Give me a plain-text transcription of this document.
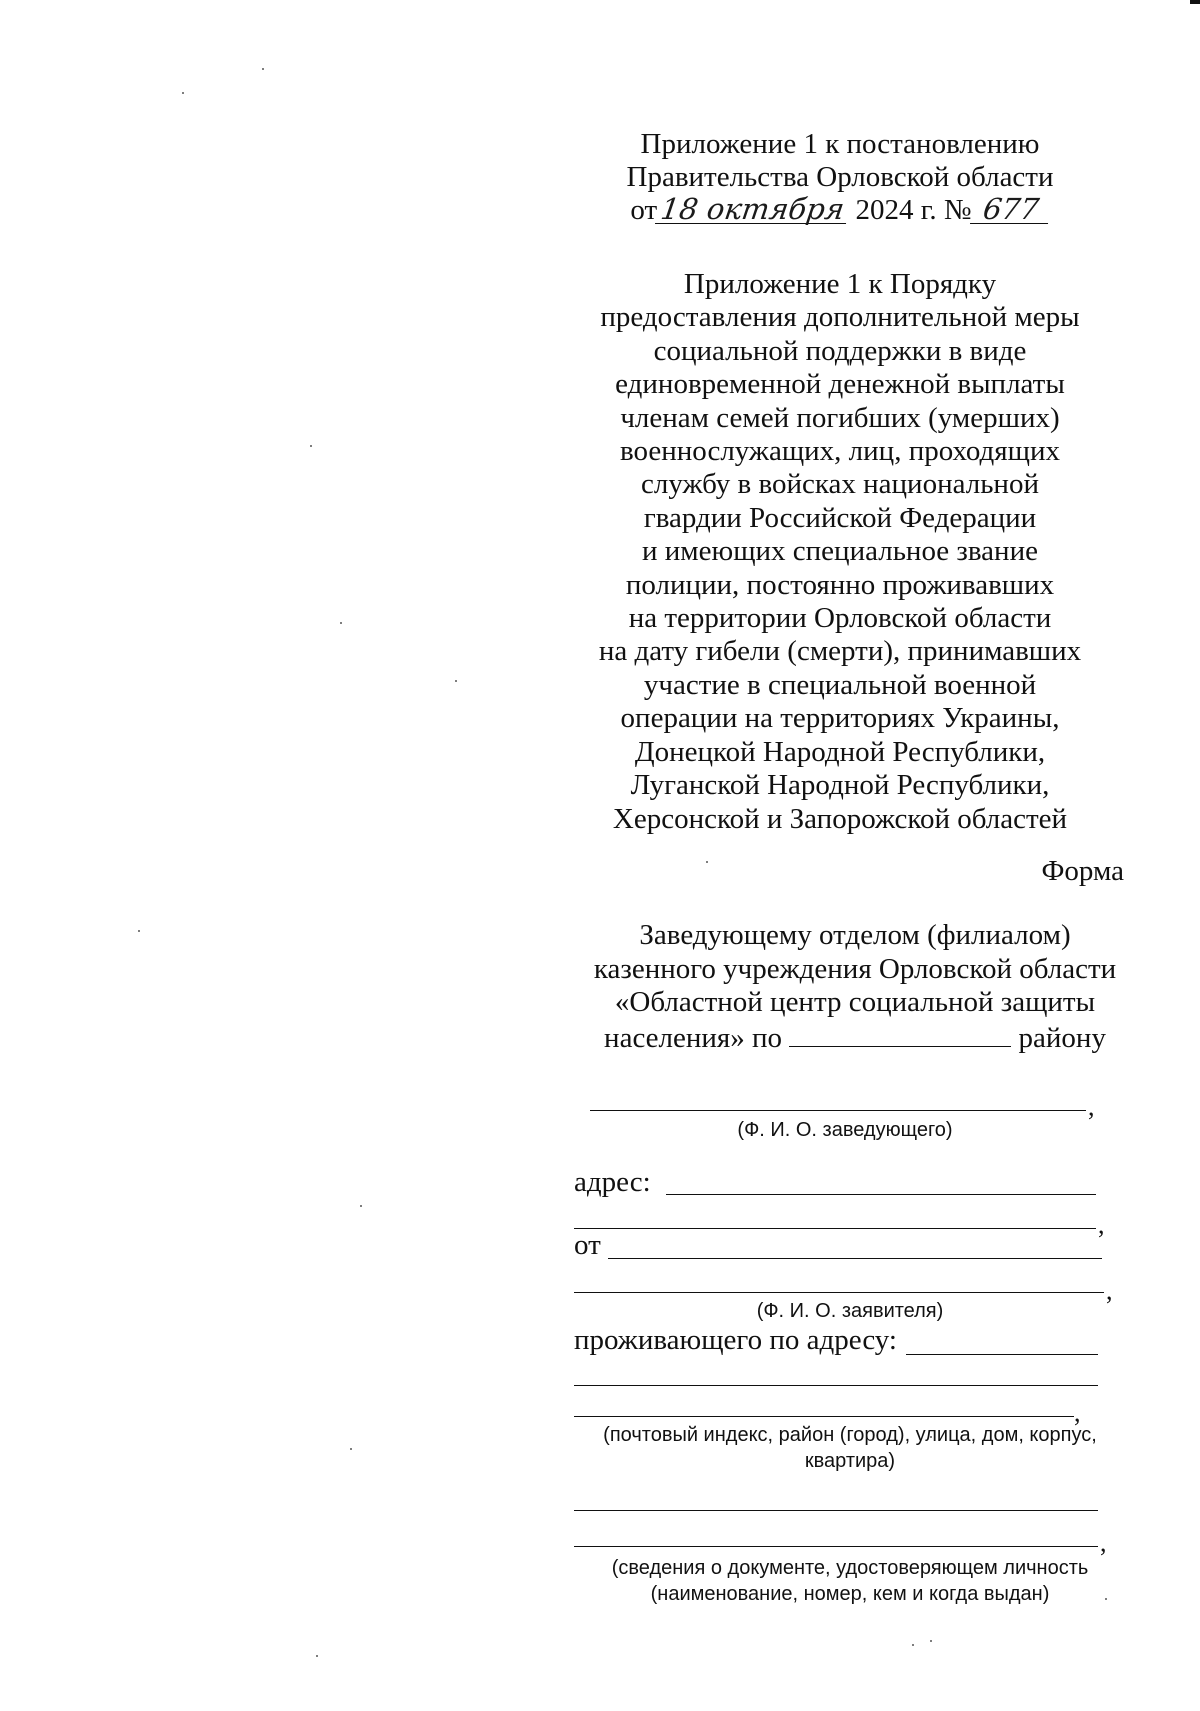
Приложение 1 к постановлению
Правительства Орловской области
от18 октября 2024 г. № 677
Приложение 1 к Порядку
предоставления дополнительной меры
социальной поддержки в виде
единовременной денежной выплаты
членам семей погибших (умерших)
военнослужащих, лиц, проходящих
службу в войсках национальной
гвардии Российской Федерации
и имеющих специальное звание
полиции, постоянно проживавших
на территории Орловской области
на дату гибели (смерти), принимавших
участие в специальной военной
операции на территориях Украины,
Донецкой Народной Республики,
Луганской Народной Республики,
Херсонской и Запорожской областей
Форма
Заведующему отделом (филиалом)
казенного учреждения Орловской области
«Областной центр социальной защиты
населения» по	району
,
(Ф. И. О. заведующего)
адрес:
,
от
,
(Ф. И. О. заявителя)
проживающего по адресу:
,
(почтовый индекс, район (город), улица, дом, корпус,
квартира)
,
(сведения о документе, удостоверяющем личность
(наименование, номер, кем и когда выдан)
